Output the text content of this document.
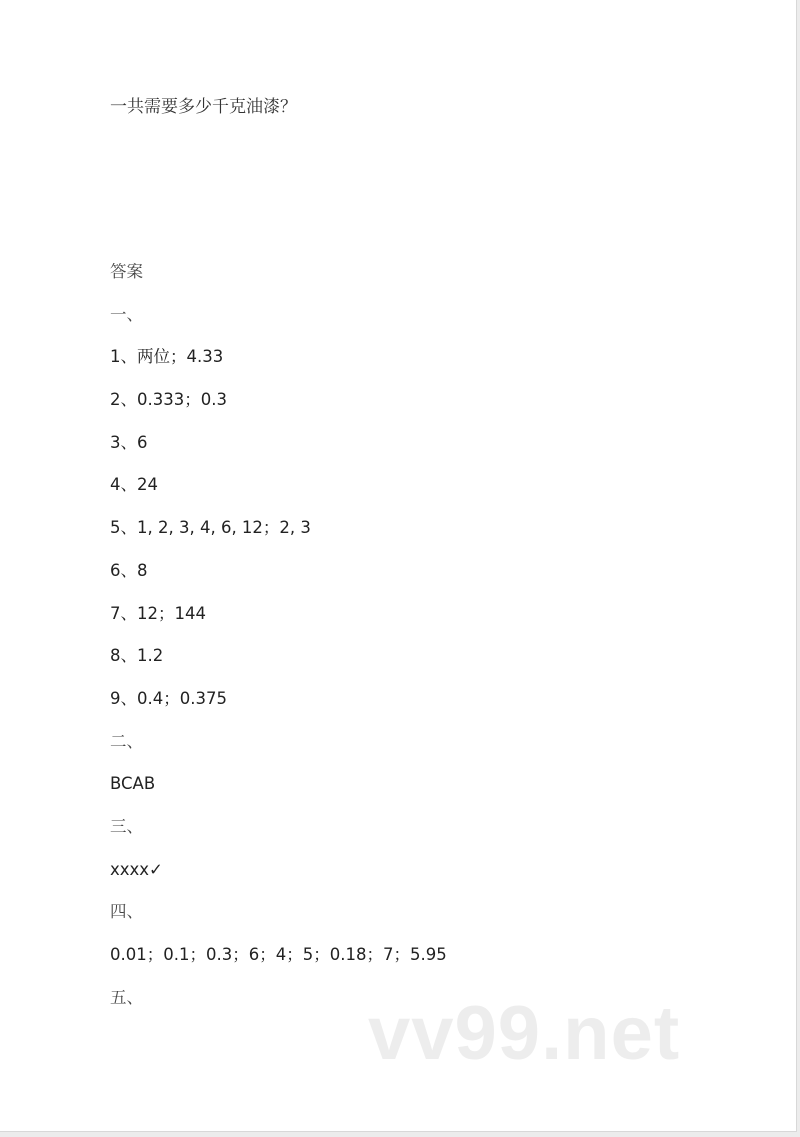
一共需要多少千克油漆？
答案
一、
1、两位；4.33
2、0.333；0.3
3、6
4、24
5、1, 2, 3, 4, 6, 12；2, 3
6、8
7、12；144
8、1.2
9、0.4；0.375
二、
BCAB
三、
xxxx✓
四、
0.01；0.1；0.3；6；4；5；0.18；7；5.95
五、	vv99.net
